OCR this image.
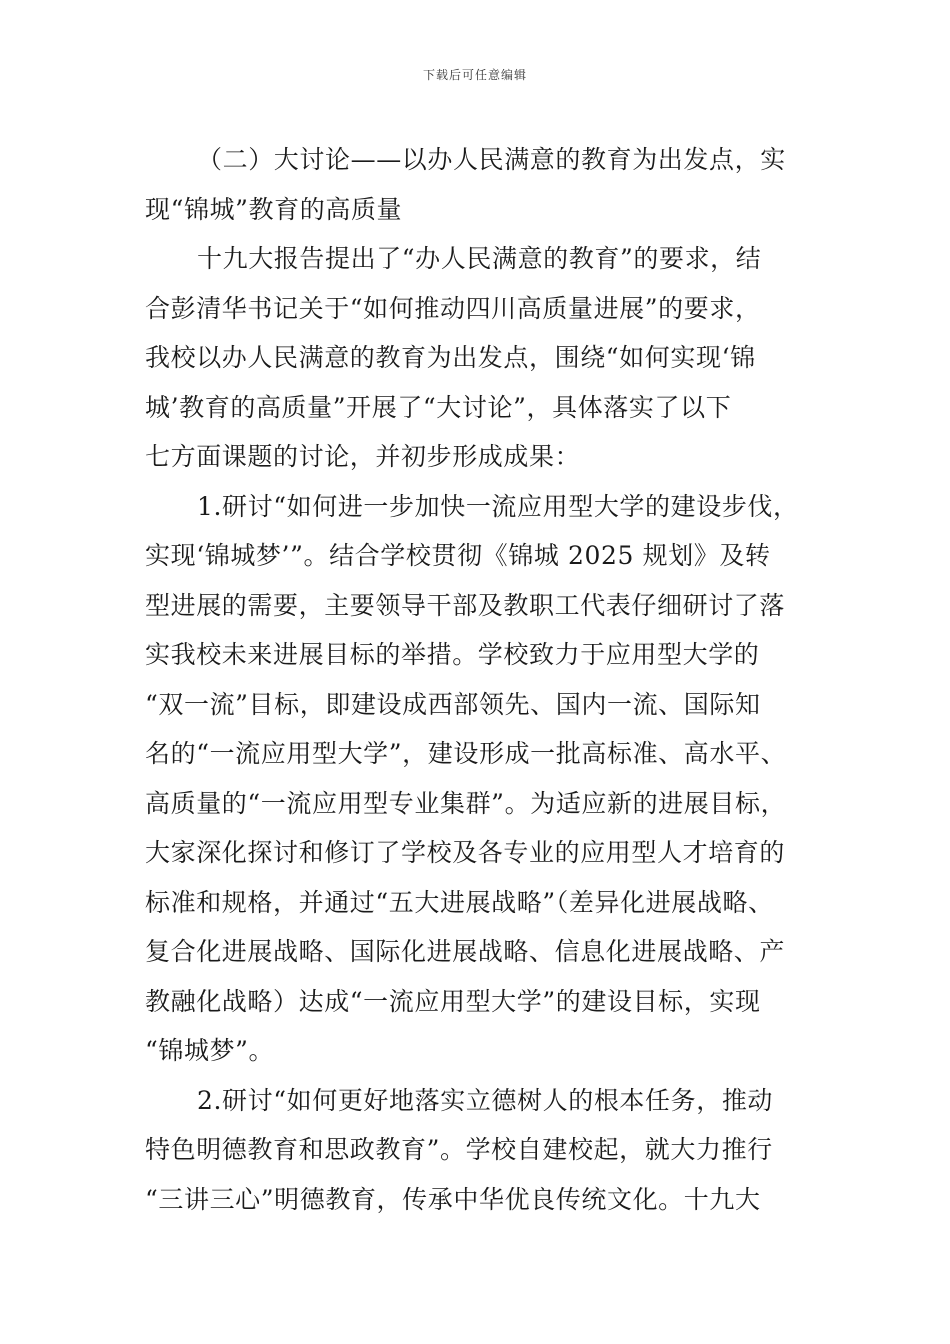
下载后可任意编辑
（二）大讨论——以办人民满意的教育为出发点，实
现“锦城”教育的高质量
十九大报告提出了“办人民满意的教育”的要求，结
合彭清华书记关于“如何推动四川高质量进展”的要求，
我校以办人民满意的教育为出发点，围绕“如何实现‘锦
城’教育的高质量”开展了“大讨论”，具体落实了以下
七方面课题的讨论，并初步形成成果：
1.研讨“如何进一步加快一流应用型大学的建设步伐，
实现‘锦城梦’”。结合学校贯彻《锦城 2025 规划》及转
型进展的需要，主要领导干部及教职工代表仔细研讨了落
实我校未来进展目标的举措。学校致力于应用型大学的
“双一流”目标，即建设成西部领先、国内一流、国际知
名的“一流应用型大学”，建设形成一批高标准、高水平、
高质量的“一流应用型专业集群”。为适应新的进展目标，
大家深化探讨和修订了学校及各专业的应用型人才培育的
标准和规格，并通过“五大进展战略”（差异化进展战略、
复合化进展战略、国际化进展战略、信息化进展战略、产
教融化战略）达成“一流应用型大学”的建设目标，实现
“锦城梦”。
2.研讨“如何更好地落实立德树人的根本任务，推动
特色明德教育和思政教育”。学校自建校起，就大力推行
“三讲三心”明德教育，传承中华优良传统文化。十九大
